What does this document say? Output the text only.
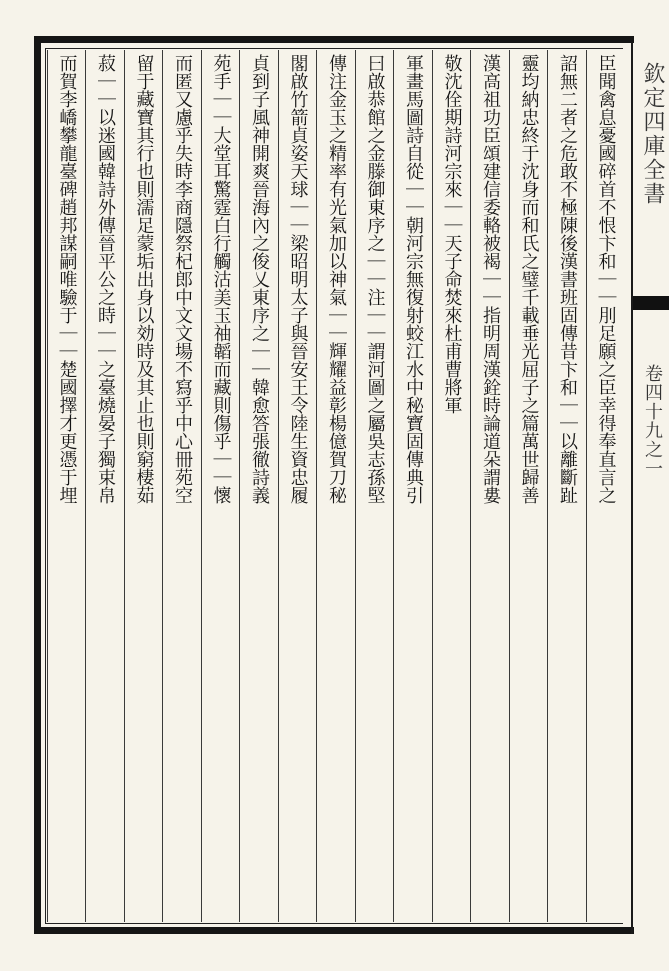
欽定四庫全書
卷四十九之一
臣聞禽息憂國碎首不恨卞和｜｜刖足願之臣幸得奉直言之
詔無二者之危敢不極陳後漢書班固傳昔卞和｜｜以離斷趾
靈均納忠終于沈身而和氏之璧千載垂光屈子之篇萬世歸善
漢高祖功臣頌建信委輅被褐｜｜指明周漢銓時論道朵謂婁
敬沈佺期詩河宗來｜｜天子命焚來杜甫曹將軍
軍畫馬圖詩自從｜｜朝河宗無復射蛟江水中秘寶固傳典引
曰啟恭館之金滕御東序之｜｜注｜｜謂河圖之屬吳志孫堅
傳注金玉之精率有光氣加以神氣｜｜輝耀益彰楊億賀刀秘
閣啟竹箭貞姿天球｜｜梁昭明太子與晉安王令陸生資忠履
貞到子風神開爽晉海內之俊乂東序之｜｜韓愈答張徹詩義
苑手｜｜大堂耳驚霆白行觸沽美玉䄂韜而藏則傷乎｜｜懷
而匿又慮乎失時李商隱祭杞郎中文文場不寫乎中心冊苑空
留于藏寶其行也則濡足蒙垢出身以効時及其止也則窮棲茹
菽｜｜以迷國韓詩外傳晉平公之時｜｜之臺燒晏子獨束帛
而賀李嶠攀龍臺碑趙邦謀嗣唯驗于｜｜楚國擇才更憑于埋
